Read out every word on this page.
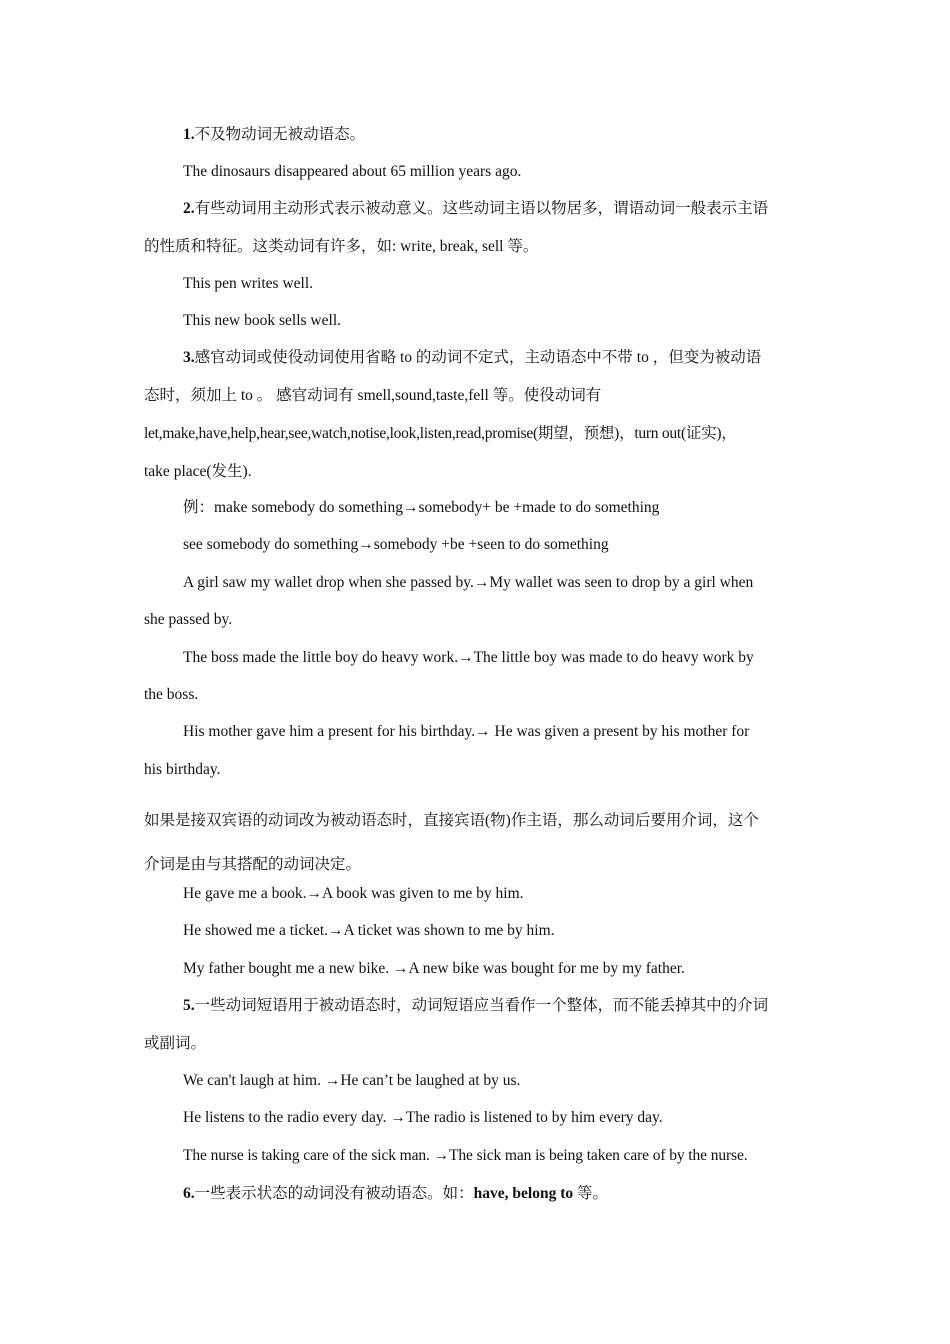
1.不及物动词无被动语态。
The dinosaurs disappeared about 65 million years ago.
2.有些动词用主动形式表示被动意义。这些动词主语以物居多，谓语动词一般表示主语
的性质和特征。这类动词有许多，如: write, break, sell 等。
This pen writes well.
This new book sells well.
3.感官动词或使役动词使用省略 to 的动词不定式，主动语态中不带 to ，但变为被动语
态时，须加上 to 。 感官动词有 smell,sound,taste,fell 等。使役动词有
let,make,have,help,hear,see,watch,notise,look,listen,read,promise(期望，预想)，turn out(证实)，
take place(发生).
例：make somebody do something→somebody+ be +made to do something
see somebody do something→somebody +be +seen to do something
A girl saw my wallet drop when she passed by.→My wallet was seen to drop by a girl when
she passed by.
The boss made the little boy do heavy work.→The little boy was made to do heavy work by
the boss.
His mother gave him a present for his birthday.→ He was given a present by his mother for
his birthday.
如果是接双宾语的动词改为被动语态时，直接宾语(物)作主语，那么动词后要用介词，这个
介词是由与其搭配的动词决定。
He gave me a book.→A book was given to me by him.
He showed me a ticket.→A ticket was shown to me by him.
My father bought me a new bike. →A new bike was bought for me by my father.
5.一些动词短语用于被动语态时，动词短语应当看作一个整体，而不能丢掉其中的介词
或副词。
We can't laugh at him. →He can’t be laughed at by us.
He listens to the radio every day. →The radio is listened to by him every day.
The nurse is taking care of the sick man. →The sick man is being taken care of by the nurse.
6.一些表示状态的动词没有被动语态。如：have, belong to 等。
